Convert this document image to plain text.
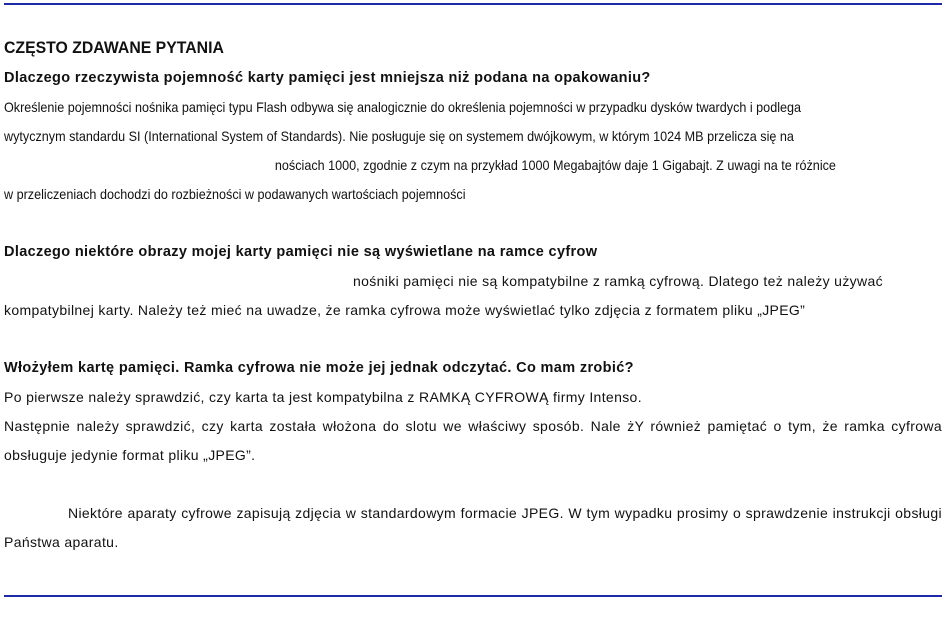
CZĘSTO ZDAWANE PYTANIA
Dlaczego rzeczywista pojemność karty pamięci jest mniejsza niż podana na opakowaniu?
Określenie pojemności nośnika pamięci typu Flash odbywa się analogicznie do określenia pojemności w przypadku dysków twardych i podlega
wytycznym standardu SI (International System of Standards). Nie posługuje się on systemem dwójkowym, w którym 1024 MB przelicza się na
nościach 1000, zgodnie z czym na przykład 1000 Megabajtów daje 1 Gigabajt. Z uwagi na te różnice
w przeliczeniach dochodzi do rozbieżności w podawanych wartościach pojemności
Dlaczego niektóre obrazy mojej karty pamięci nie są wyświetlane na ramce cyfrow
nośniki pamięci nie są kompatybilne z ramką cyfrową. Dlatego też należy używać
kompatybilnej karty. Należy też mieć na uwadze, że ramka cyfrowa może wyświetlać tylko zdjęcia z formatem pliku „JPEG”
Włożyłem kartę pamięci. Ramka cyfrowa nie może jej jednak odczytać. Co mam zrobić?
Po pierwsze należy sprawdzić, czy karta ta jest kompatybilna z RAMKĄ CYFROWĄ firmy Intenso.
Następnie należy sprawdzić, czy karta została włożona do slotu we właściwy sposób. Nale żY również pamiętać o tym, że ramka cyfrowa obsługuje jedynie format pliku „JPEG”.
Niektóre aparaty cyfrowe zapisują zdjęcia w standardowym formacie JPEG. W tym wypadku prosimy o sprawdzenie instrukcji obsługi Państwa aparatu.
